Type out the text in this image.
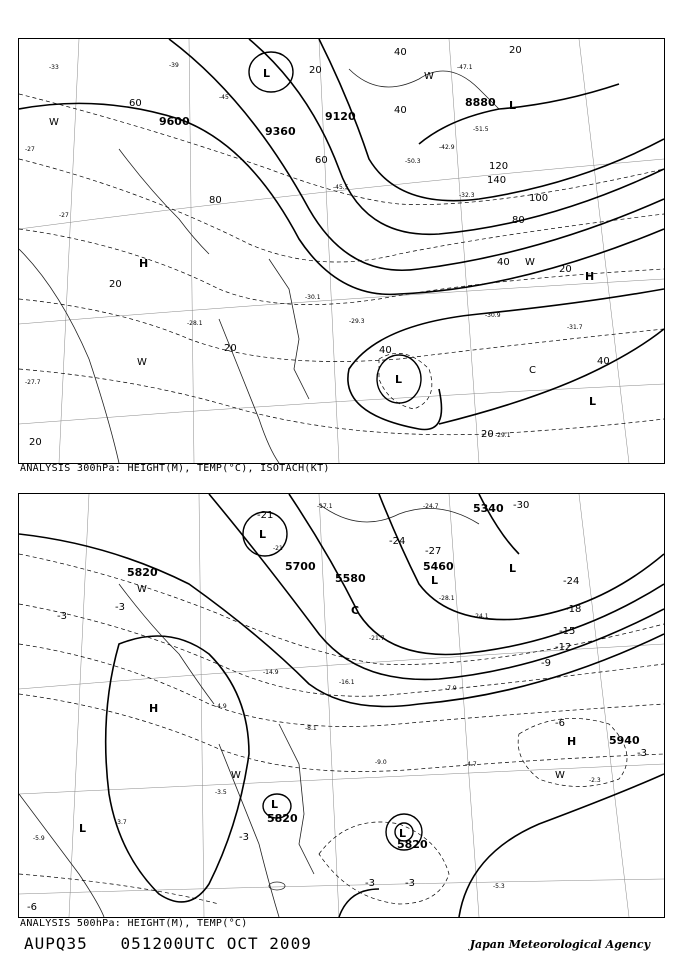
9600
9360
9120
8880
60
80
20
20
20
40
40	20
120
140
100
80
40
20
40
40
20
20
60
H
L
H
L
L
L
W
W
W
W
C
-27
-27
-33	-39
-45
-45.5
-50.3
-42.9
-32.3
-30.1
-30.9
-29.3
-28.1
-31.7
-29.1
-27.7
-47.1
-51.5
ANALYSIS 300hPa: HEIGHT(M), TEMP(°C), ISOTACH(KT)
5820	5700
5580
5460
5340
5940
5820
5820
-3
-3
-3
-3	-3
-3
-6
-6
-9
-12
-15
-18
-21
-24
-24
-27
-30
H
H
L
L
L	L
L
L
C
W
W	W
-21
-17.1	-24.7
-24.1
-28.1
-21.7
-16.1
-14.9
-9.0	-4.7
-5.3
-3.7
-2.3
-5.9
-4.9
-3.5
-8.1
-7.9
ANALYSIS 500hPa: HEIGHT(M), TEMP(°C)
AUPQ35 051200UTC OCT 2009	Japan Meteorological Agency
